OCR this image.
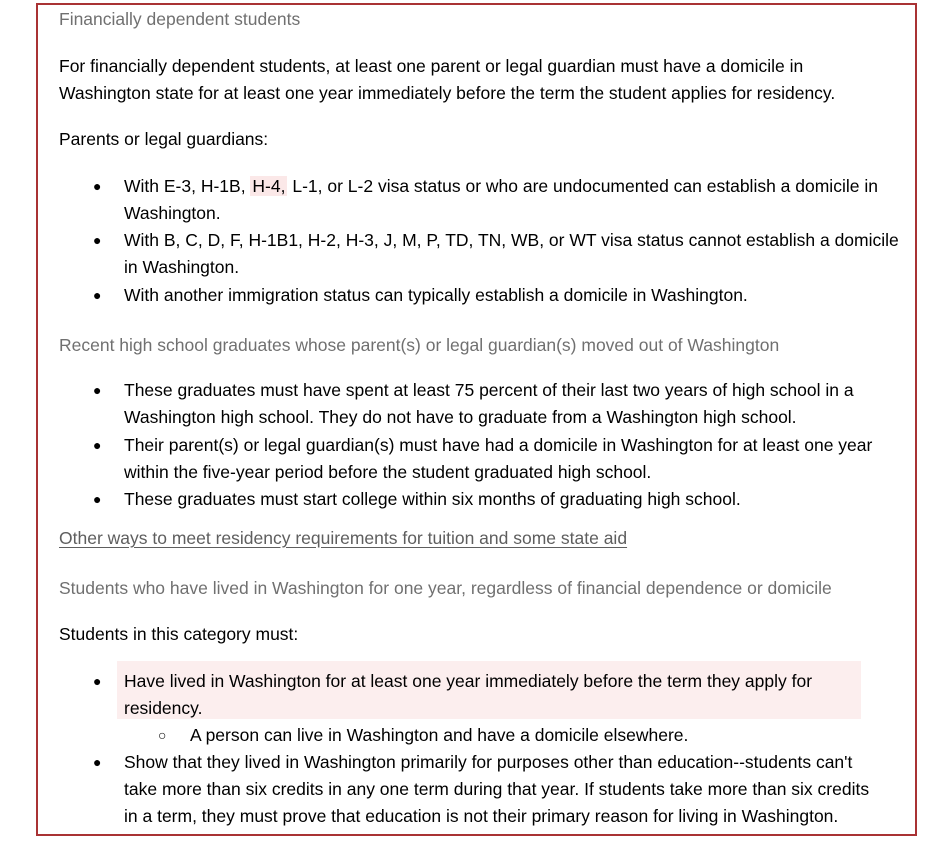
Financially dependent students
For financially dependent students, at least one parent or legal guardian must have a domicile in
Washington state for at least one year immediately before the term the student applies for residency.
Parents or legal guardians:
● With E-3, H-1B, H-4, L-1, or L-2 visa status or who are undocumented can establish a domicile in
Washington.
● With B, C, D, F, H-1B1, H-2, H-3, J, M, P, TD, TN, WB, or WT visa status cannot establish a domicile
in Washington.
● With another immigration status can typically establish a domicile in Washington.
Recent high school graduates whose parent(s) or legal guardian(s) moved out of Washington
● These graduates must have spent at least 75 percent of their last two years of high school in a
Washington high school. They do not have to graduate from a Washington high school.
● Their parent(s) or legal guardian(s) must have had a domicile in Washington for at least one year
within the five-year period before the student graduated high school.
● These graduates must start college within six months of graduating high school.
Other ways to meet residency requirements for tuition and some state aid
Students who have lived in Washington for one year, regardless of financial dependence or domicile
Students in this category must:
● Have lived in Washington for at least one year immediately before the term they apply for
residency.
○ A person can live in Washington and have a domicile elsewhere.
● Show that they lived in Washington primarily for purposes other than education--students can't
take more than six credits in any one term during that year. If students take more than six credits
in a term, they must prove that education is not their primary reason for living in Washington.
